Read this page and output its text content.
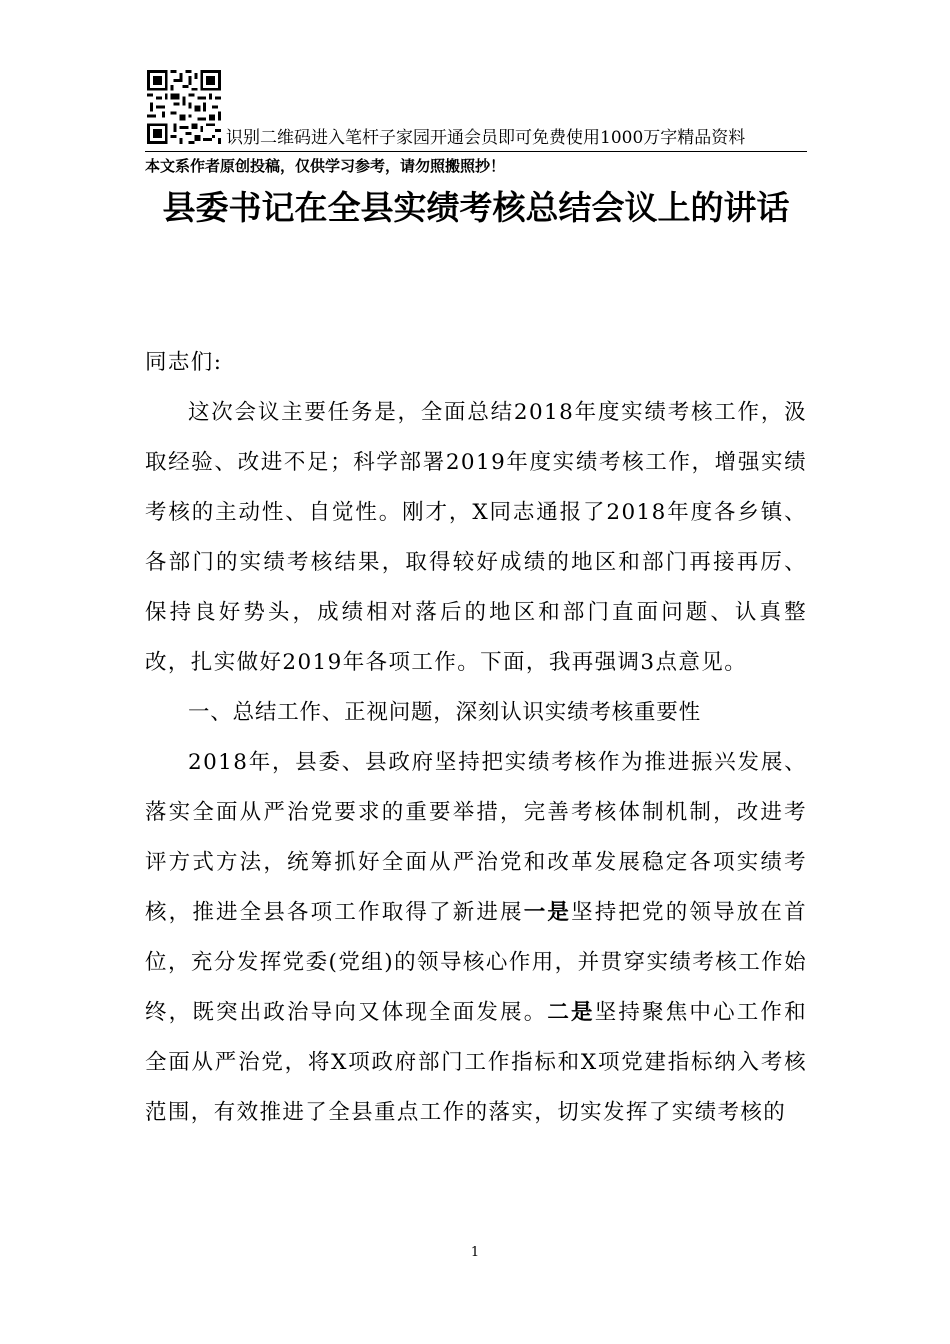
识别二维码进入笔杆子家园开通会员即可免费使用1000万字精品资料
本文系作者原创投稿，仅供学习参考，请勿照搬照抄！
县委书记在全县实绩考核总结会议上的讲话

同志们:

这次会议主要任务是，全面总结2018年度实绩考核工作，汲取经验、改进不足；科学部署2019年度实绩考核工作，增强实绩考核的主动性、自觉性。刚才，X同志通报了2018年度各乡镇、各部门的实绩考核结果，取得较好成绩的地区和部门再接再厉、保持良好势头，成绩相对落后的地区和部门直面问题、认真整改，扎实做好2019年各项工作。下面，我再强调3点意见。

一、总结工作、正视问题，深刻认识实绩考核重要性

2018年，县委、县政府坚持把实绩考核作为推进振兴发展、落实全面从严治党要求的重要举措，完善考核体制机制，改进考评方式方法，统筹抓好全面从严治党和改革发展稳定各项实绩考核，推进全县各项工作取得了新进展一是坚持把党的领导放在首位，充分发挥党委(党组)的领导核心作用，并贯穿实绩考核工作始终，既突出政治导向又体现全面发展。二是坚持聚焦中心工作和全面从严治党，将X项政府部门工作指标和X项党建指标纳入考核范围，有效推进了全县重点工作的落实，切实发挥了实绩考核的

1
